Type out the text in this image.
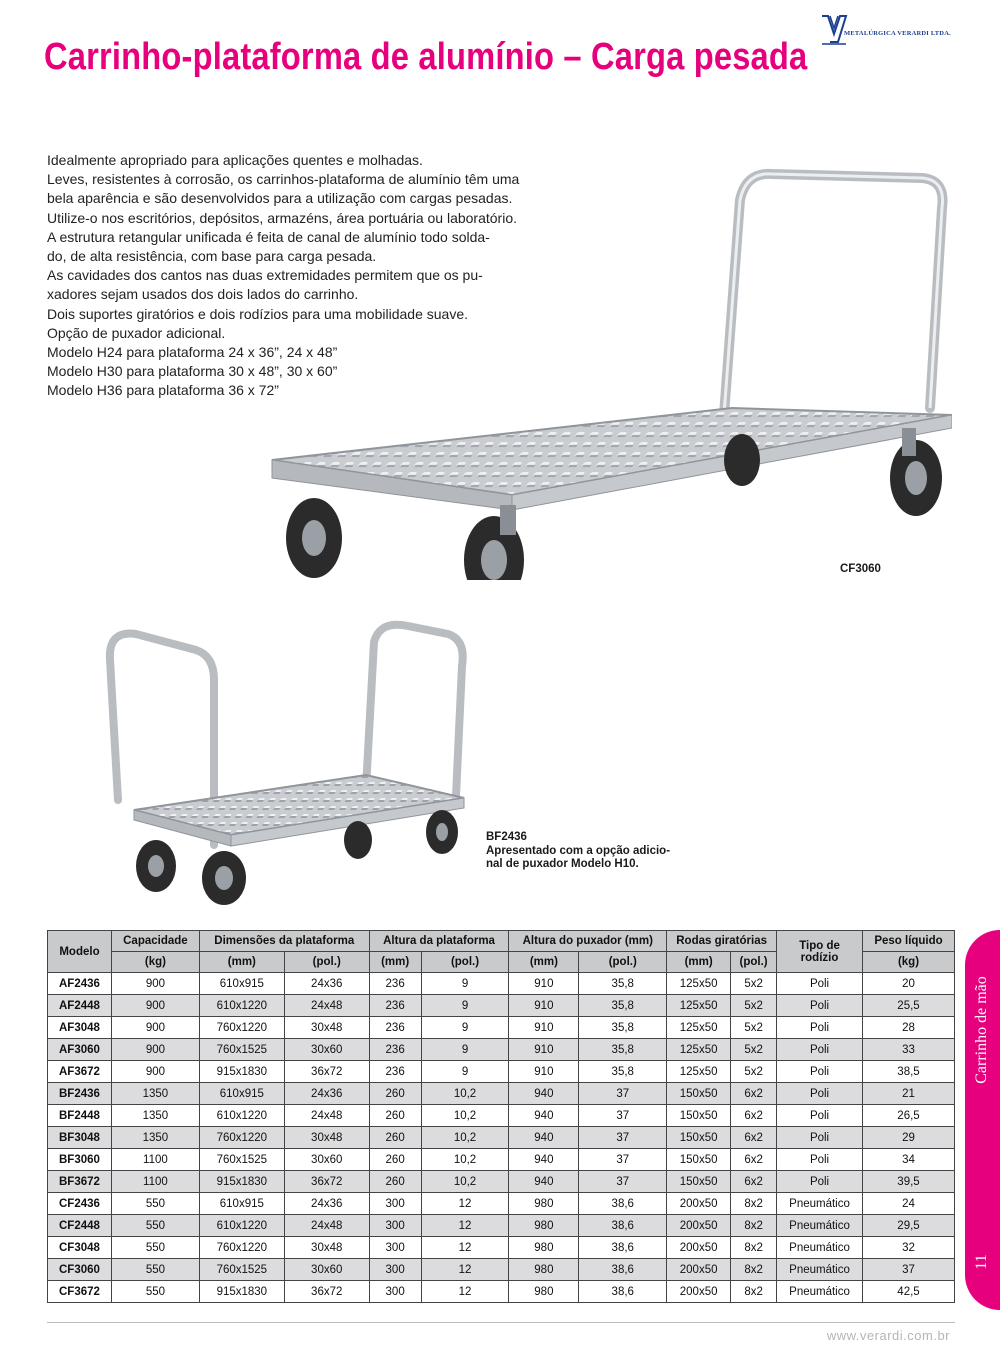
Carrinho-plataforma de alumínio – Carga pesada
METALÚRGICA VERARDI LTDA.
Idealmente apropriado para aplicações quentes e molhadas.
Leves, resistentes à corrosão, os carrinhos-plataforma de alumínio têm uma
bela aparência e são desenvolvidos para a utilização com cargas pesadas.
Utilize-o nos escritórios, depósitos, armazéns, área portuária ou laboratório.
A estrutura retangular unificada é feita de canal de alumínio todo solda-
do, de alta resistência, com base para carga pesada.
As cavidades dos cantos nas duas extremidades permitem que os pu-
xadores sejam usados dos dois lados do carrinho.
Dois suportes giratórios e dois rodízios para uma mobilidade suave.
Opção de puxador adicional.
Modelo H24 para plataforma 24 x 36”, 24 x 48”
Modelo H30 para plataforma 30 x 48”, 30 x 60”
Modelo H36 para plataforma 36 x 72”
CF3060
BF2436
Apresentado com a opção adicio-
nal de puxador Modelo H10.
Modelo	Capacidade	Dimensões da plataforma		Altura da plataforma		Altura do puxador (mm)		Rodas giratórias		Tipo de
rodízio	Peso líquido
	(kg)	(mm)	(pol.)	(mm)	(pol.)	(mm)	(pol.)	(mm)	(pol.)		(kg)
AF2436	900	610x915	24x36	236	9	910	35,8	125x50	5x2	Poli	20
AF2448	900	610x1220	24x48	236	9	910	35,8	125x50	5x2	Poli	25,5
AF3048	900	760x1220	30x48	236	9	910	35,8	125x50	5x2	Poli	28
AF3060	900	760x1525	30x60	236	9	910	35,8	125x50	5x2	Poli	33
AF3672	900	915x1830	36x72	236	9	910	35,8	125x50	5x2	Poli	38,5
BF2436	1350	610x915	24x36	260	10,2	940	37	150x50	6x2	Poli	21
BF2448	1350	610x1220	24x48	260	10,2	940	37	150x50	6x2	Poli	26,5
BF3048	1350	760x1220	30x48	260	10,2	940	37	150x50	6x2	Poli	29
BF3060	1100	760x1525	30x60	260	10,2	940	37	150x50	6x2	Poli	34
BF3672	1100	915x1830	36x72	260	10,2	940	37	150x50	6x2	Poli	39,5
CF2436	550	610x915	24x36	300	12	980	38,6	200x50	8x2	Pneumático	24
CF2448	550	610x1220	24x48	300	12	980	38,6	200x50	8x2	Pneumático	29,5
CF3048	550	760x1220	30x48	300	12	980	38,6	200x50	8x2	Pneumático	32
CF3060	550	760x1525	30x60	300	12	980	38,6	200x50	8x2	Pneumático	37
CF3672	550	915x1830	36x72	300	12	980	38,6	200x50	8x2	Pneumático	42,5
Carrinho de mão
11
www.verardi.com.br
